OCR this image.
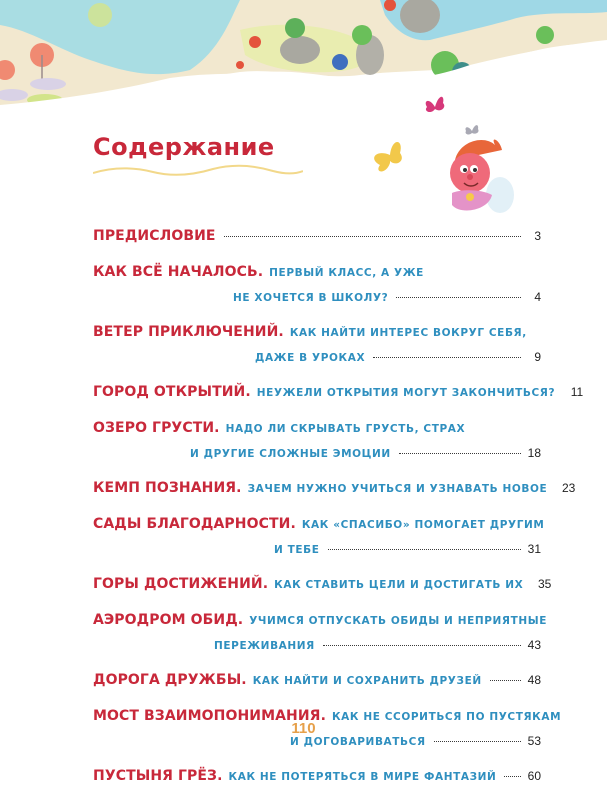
Содержание
ПРЕДИСЛОВИЕ	3
КАК ВСЁ НАЧАЛОСЬ. ПЕРВЫЙ КЛАСС, А УЖЕ
НЕ ХОЧЕТСЯ В ШКОЛУ?	4
ВЕТЕР ПРИКЛЮЧЕНИЙ. КАК НАЙТИ ИНТЕРЕС ВОКРУГ СЕБЯ,
ДАЖЕ В УРОКАХ	9
ГОРОД ОТКРЫТИЙ. НЕУЖЕЛИ ОТКРЫТИЯ МОГУТ ЗАКОНЧИТЬСЯ? 11
ОЗЕРО ГРУСТИ. НАДО ЛИ СКРЫВАТЬ ГРУСТЬ, СТРАХ
И ДРУГИЕ СЛОЖНЫЕ ЭМОЦИИ	18
КЕМП ПОЗНАНИЯ. ЗАЧЕМ НУЖНО УЧИТЬСЯ И УЗНАВАТЬ НОВОЕ 23
САДЫ БЛАГОДАРНОСТИ. КАК «СПАСИБО» ПОМОГАЕТ ДРУГИМ
И ТЕБЕ	31
ГОРЫ ДОСТИЖЕНИЙ. КАК СТАВИТЬ ЦЕЛИ И ДОСТИГАТЬ ИХ 35
АЭРОДРОМ ОБИД. УЧИМСЯ ОТПУСКАТЬ ОБИДЫ И НЕПРИЯТНЫЕ
ПЕРЕЖИВАНИЯ	43
ДОРОГА ДРУЖБЫ. КАК НАЙТИ И СОХРАНИТЬ ДРУЗЕЙ	48
МОСТ ВЗАИМОПОНИМАНИЯ. КАК НЕ ССОРИТЬСЯ ПО ПУСТЯКАМ
И ДОГОВАРИВАТЬСЯ	53
ПУСТЫНЯ ГРЁЗ. КАК НЕ ПОТЕРЯТЬСЯ В МИРЕ ФАНТАЗИЙ	60
110
